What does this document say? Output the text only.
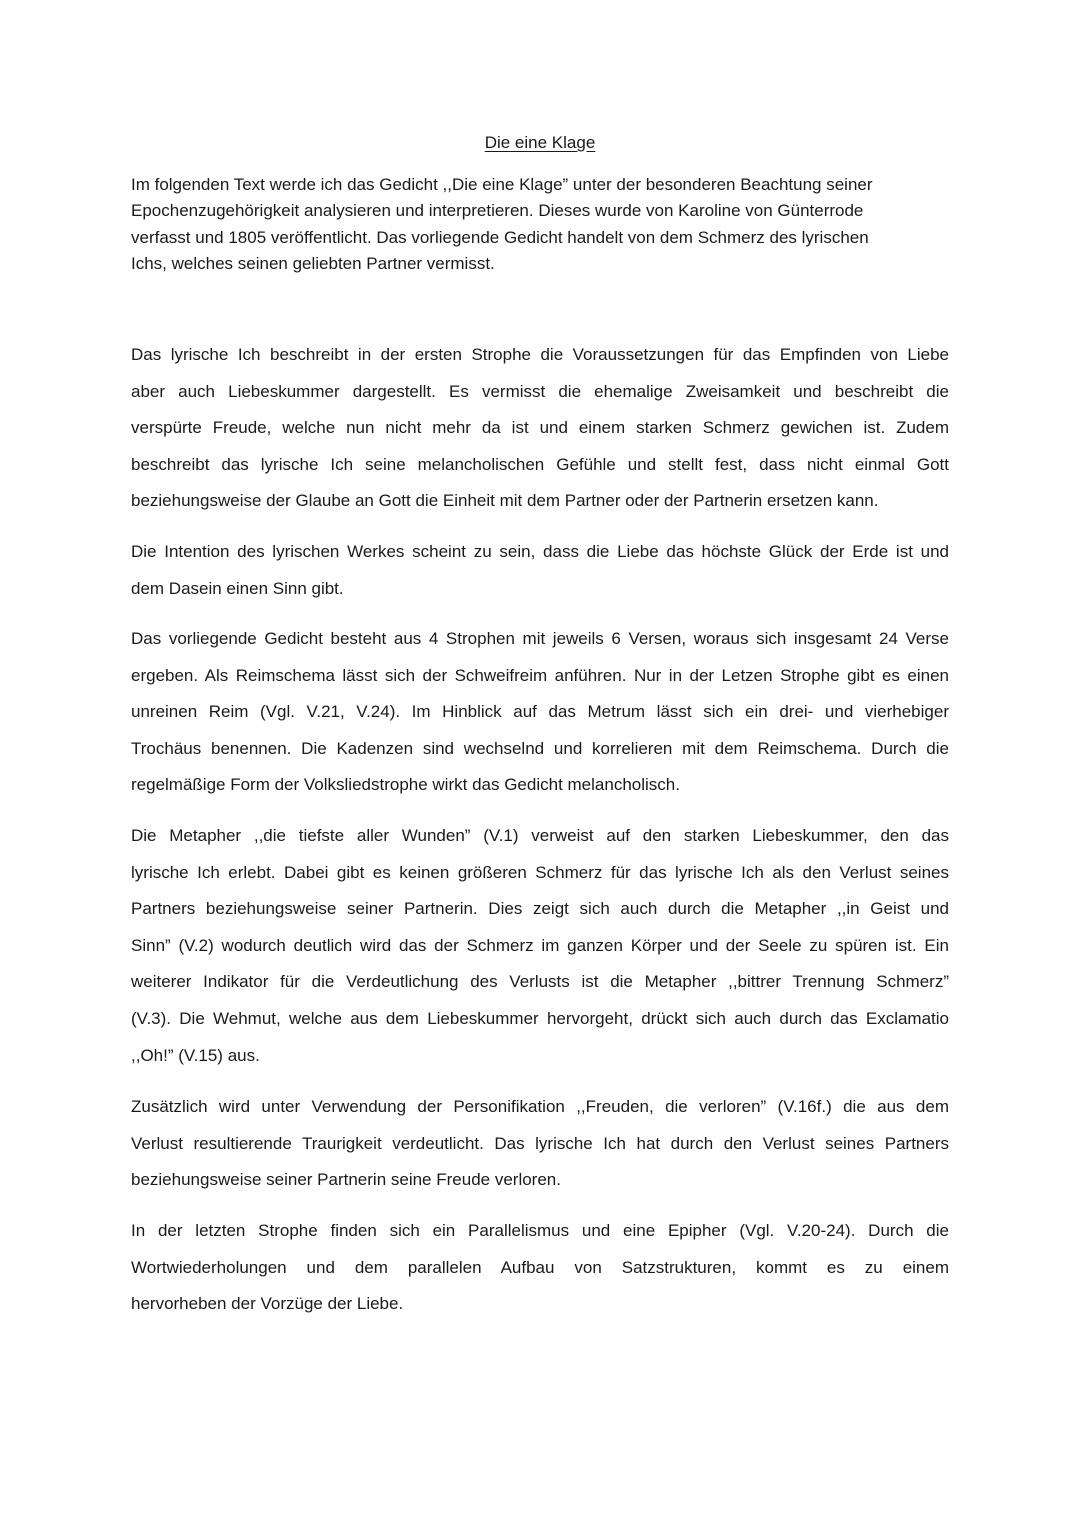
Die eine Klage

Im folgenden Text werde ich das Gedicht ,,Die eine Klage” unter der besonderen Beachtung seiner
Epochenzugehörigkeit analysieren und interpretieren. Dieses wurde von Karoline von Günterrode
verfasst und 1805 veröffentlicht. Das vorliegende Gedicht handelt von dem Schmerz des lyrischen
Ichs, welches seinen geliebten Partner vermisst.

Das lyrische Ich beschreibt in der ersten Strophe die Voraussetzungen für das Empfinden von Liebe
aber auch Liebeskummer dargestellt. Es vermisst die ehemalige Zweisamkeit und beschreibt die
verspürte Freude, welche nun nicht mehr da ist und einem starken Schmerz gewichen ist. Zudem
beschreibt das lyrische Ich seine melancholischen Gefühle und stellt fest, dass nicht einmal Gott
beziehungsweise der Glaube an Gott die Einheit mit dem Partner oder der Partnerin ersetzen kann.

Die Intention des lyrischen Werkes scheint zu sein, dass die Liebe das höchste Glück der Erde ist und
dem Dasein einen Sinn gibt.

Das vorliegende Gedicht besteht aus 4 Strophen mit jeweils 6 Versen, woraus sich insgesamt 24 Verse
ergeben. Als Reimschema lässt sich der Schweifreim anführen. Nur in der Letzen Strophe gibt es einen
unreinen Reim (Vgl. V.21, V.24). Im Hinblick auf das Metrum lässt sich ein drei- und vierhebiger
Trochäus benennen. Die Kadenzen sind wechselnd und korrelieren mit dem Reimschema. Durch die
regelmäßige Form der Volksliedstrophe wirkt das Gedicht melancholisch.

Die Metapher ,,die tiefste aller Wunden” (V.1) verweist auf den starken Liebeskummer, den das
lyrische Ich erlebt. Dabei gibt es keinen größeren Schmerz für das lyrische Ich als den Verlust seines
Partners beziehungsweise seiner Partnerin. Dies zeigt sich auch durch die Metapher ,,in Geist und
Sinn” (V.2) wodurch deutlich wird das der Schmerz im ganzen Körper und der Seele zu spüren ist. Ein
weiterer Indikator für die Verdeutlichung des Verlusts ist die Metapher ,,bittrer Trennung Schmerz”
(V.3). Die Wehmut, welche aus dem Liebeskummer hervorgeht, drückt sich auch durch das Exclamatio
,,Oh!” (V.15) aus.

Zusätzlich wird unter Verwendung der Personifikation ,,Freuden, die verloren” (V.16f.) die aus dem
Verlust resultierende Traurigkeit verdeutlicht. Das lyrische Ich hat durch den Verlust seines Partners
beziehungsweise seiner Partnerin seine Freude verloren.

In der letzten Strophe finden sich ein Parallelismus und eine Epipher (Vgl. V.20-24). Durch die
Wortwiederholungen und dem parallelen Aufbau von Satzstrukturen, kommt es zu einem
hervorheben der Vorzüge der Liebe.
